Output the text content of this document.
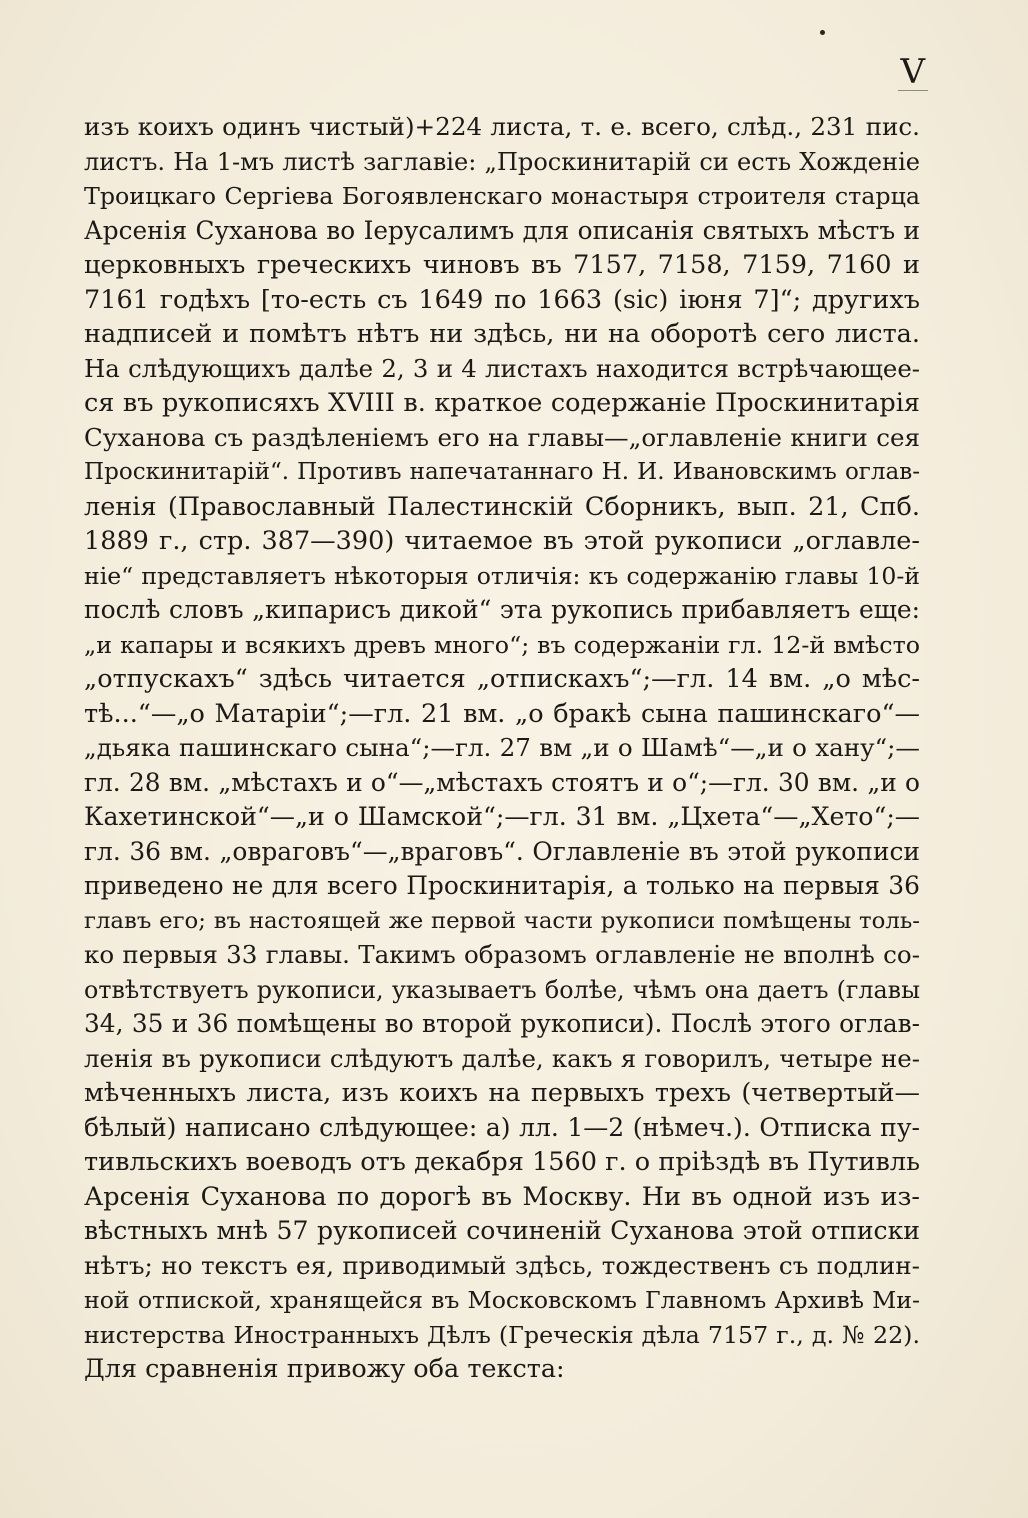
V
изъ коихъ одинъ чистый)+224 листа, т. е. всего, слѣд., 231 пис.
листъ. На 1-мъ листѣ заглавіе: „Проскинитарій си есть Хожденіе
Троицкаго Сергіева Богоявленскаго монастыря строителя старца
Арсенія Суханова во Іерусалимъ для описанія святыхъ мѣстъ и
церковныхъ греческихъ чиновъ въ 7157, 7158, 7159, 7160 и
7161 годѣхъ [то-есть съ 1649 по 1663 (sic) іюня 7]“; другихъ
надписей и помѣтъ нѣтъ ни здѣсь, ни на оборотѣ сего листа.
На слѣдующихъ далѣе 2, 3 и 4 листахъ находится встрѣчающее-
ся въ рукописяхъ XVIII в. краткое содержаніе Проскинитарія
Суханова съ раздѣленіемъ его на главы—„оглавленіе книги сея
Проскинитарій“. Противъ напечатаннаго Н. И. Ивановскимъ оглав-
ленія (Православный Палестинскій Сборникъ, вып. 21, Спб.
1889 г., стр. 387—390) читаемое въ этой рукописи „оглавле-
ніе“ представляетъ нѣкоторыя отличія: къ содержанію главы 10-й
послѣ словъ „кипарисъ дикой“ эта рукопись прибавляетъ еще:
„и капары и всякихъ древъ много“; въ содержаніи гл. 12-й вмѣсто
„отпускахъ“ здѣсь читается „отпискахъ“;—гл. 14 вм. „о мѣс-
тѣ...“—„о Матаріи“;—гл. 21 вм. „о бракѣ сына пашинскаго“—
„дьяка пашинскаго сына“;—гл. 27 вм „и о Шамѣ“—„и о хану“;—
гл. 28 вм. „мѣстахъ и о“—„мѣстахъ стоятъ и о“;—гл. 30 вм. „и о
Кахетинской“—„и о Шамской“;—гл. 31 вм. „Цхета“—„Хето“;—
гл. 36 вм. „овраговъ“—„враговъ“. Оглавленіе въ этой рукописи
приведено не для всего Проскинитарія, а только на первыя 36
главъ его; въ настоящей же первой части рукописи помѣщены толь-
ко первыя 33 главы. Такимъ образомъ оглавленіе не вполнѣ со-
отвѣтствуетъ рукописи, указываетъ болѣе, чѣмъ она даетъ (главы
34, 35 и 36 помѣщены во второй рукописи). Послѣ этого оглав-
ленія въ рукописи слѣдуютъ далѣе, какъ я говорилъ, четыре не-
мѣченныхъ листа, изъ коихъ на первыхъ трехъ (четвертый—
бѣлый) написано слѣдующее: а) лл. 1—2 (нѣмеч.). Отписка пу-
тивльскихъ воеводъ отъ декабря 1560 г. о пріѣздѣ въ Путивль
Арсенія Суханова по дорогѣ въ Москву. Ни въ одной изъ из-
вѣстныхъ мнѣ 57 рукописей сочиненій Суханова этой отписки
нѣтъ; но текстъ ея, приводимый здѣсь, тождественъ съ подлин-
ной отпиской, хранящейся въ Московскомъ Главномъ Архивѣ Ми-
нистерства Иностранныхъ Дѣлъ (Греческія дѣла 7157 г., д. № 22).
Для сравненія привожу оба текста:
